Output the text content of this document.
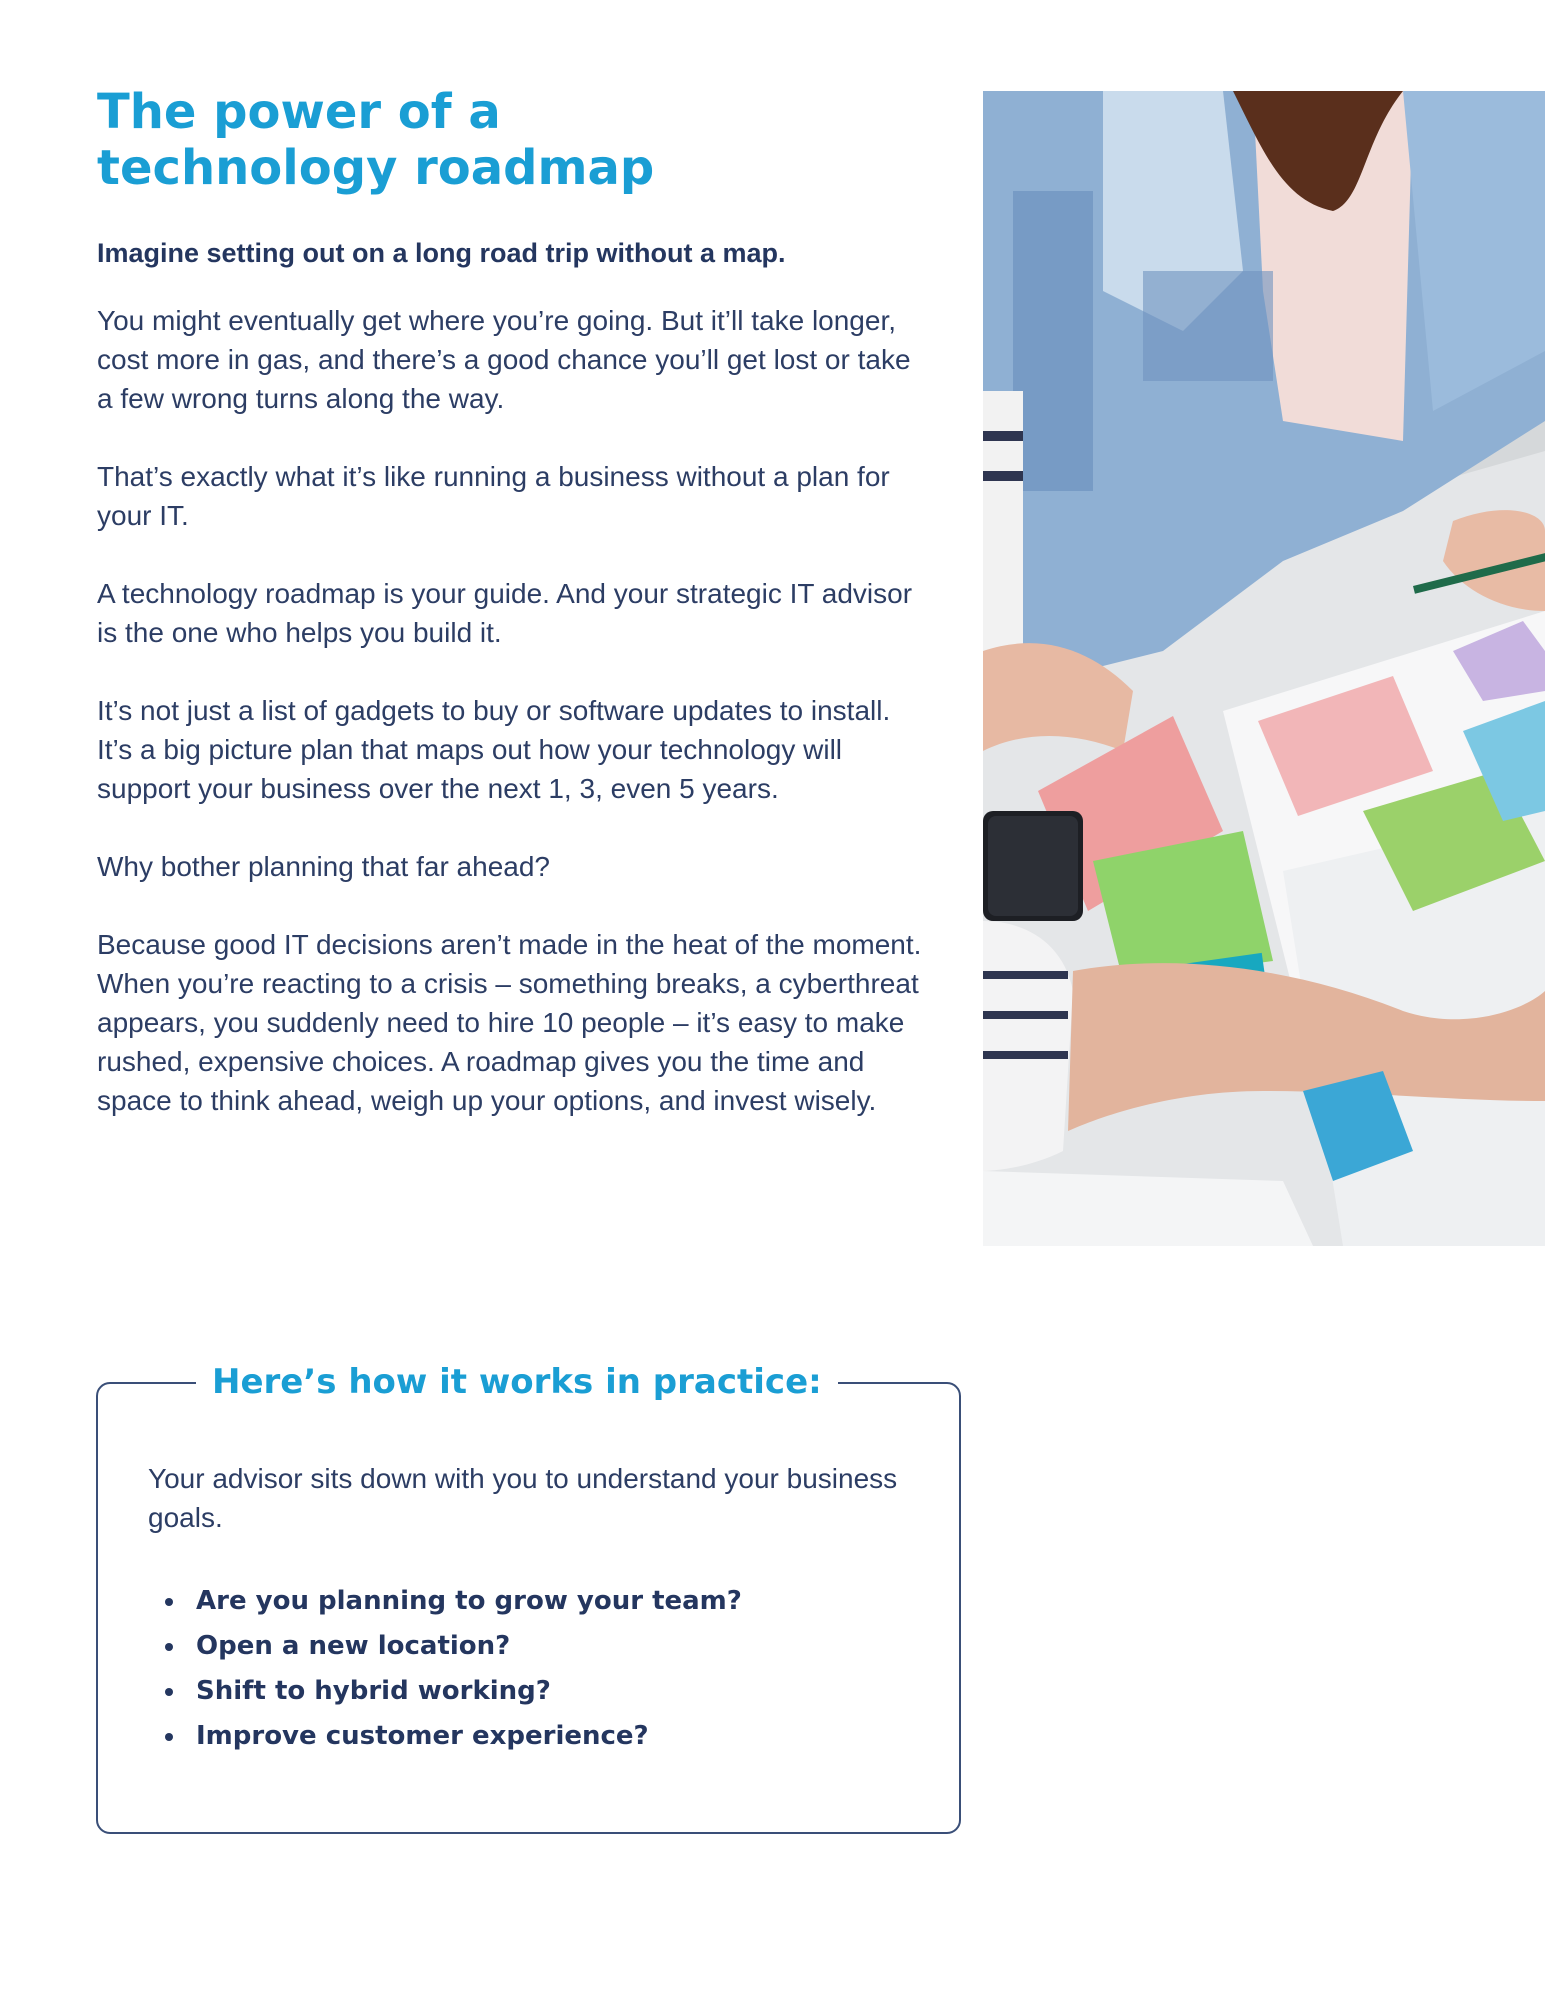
The power of a
technology roadmap

Imagine setting out on a long road trip without a map.

You might eventually get where you’re going. But it’ll take longer, cost more in gas, and there’s a good chance you’ll get lost or take a few wrong turns along the way.

That’s exactly what it’s like running a business without a plan for your IT.

A technology roadmap is your guide. And your strategic IT advisor is the one who helps you build it.

It’s not just a list of gadgets to buy or software updates to install. It’s a big picture plan that maps out how your technology will support your business over the next 1, 3, even 5 years.

Why bother planning that far ahead?

Because good IT decisions aren’t made in the heat of the moment. When you’re reacting to a crisis – something breaks, a cyberthreat appears, you suddenly need to hire 10 people – it’s easy to make rushed, expensive choices. A roadmap gives you the time and space to think ahead, weigh up your options, and invest wisely.

Here’s how it works in practice:

Your advisor sits down with you to understand your business goals.

Are you planning to grow your team?
Open a new location?
Shift to hybrid working?
Improve customer experience?
